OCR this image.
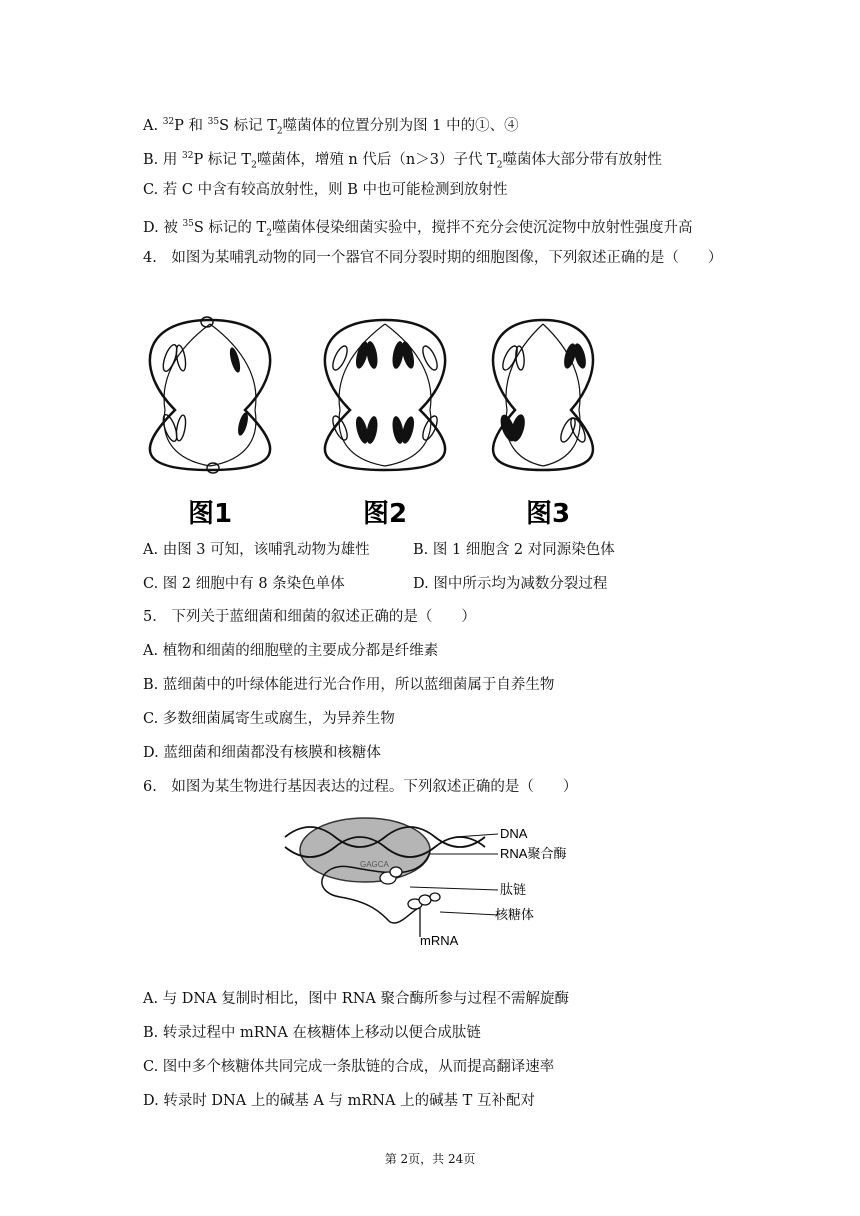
A. $^{32}$P 和 $^{35}$S 标记 $T_2$噬菌体的位置分别为图 1 中的①、④
B. 用 $^{32}$P 标记 $T_2$噬菌体，增殖 n 代后（n＞3）子代 $T_2$噬菌体大部分带有放射性
C. 若 C 中含有较高放射性，则 B 中也可能检测到放射性
D. 被 $^{35}$S 标记的 $T_2$噬菌体侵染细菌实验中，搅拌不充分会使沉淀物中放射性强度升高
4.　如图为某哺乳动物的同一个器官不同分裂时期的细胞图像，下列叙述正确的是（　　）
图1	图2	图3
A. 由图 3 可知，该哺乳动物为雄性	B. 图 1 细胞含 2 对同源染色体
C. 图 2 细胞中有 8 条染色单体	D. 图中所示均为减数分裂过程
5.　下列关于蓝细菌和细菌的叙述正确的是（　　）
A. 植物和细菌的细胞壁的主要成分都是纤维素
B. 蓝细菌中的叶绿体能进行光合作用，所以蓝细菌属于自养生物
C. 多数细菌属寄生或腐生，为异养生物
D. 蓝细菌和细菌都没有核膜和核糖体
6.　如图为某生物进行基因表达的过程。下列叙述正确的是（　　）
GAGCA
DNA
RNA聚合酶
肽链
核糖体
mRNA
A. 与 DNA 复制时相比，图中 RNA 聚合酶所参与过程不需解旋酶
B. 转录过程中 mRNA 在核糖体上移动以便合成肽链
C. 图中多个核糖体共同完成一条肽链的合成，从而提高翻译速率
D. 转录时 DNA 上的碱基 A 与 mRNA 上的碱基 T 互补配对
第 2页，共 24页
